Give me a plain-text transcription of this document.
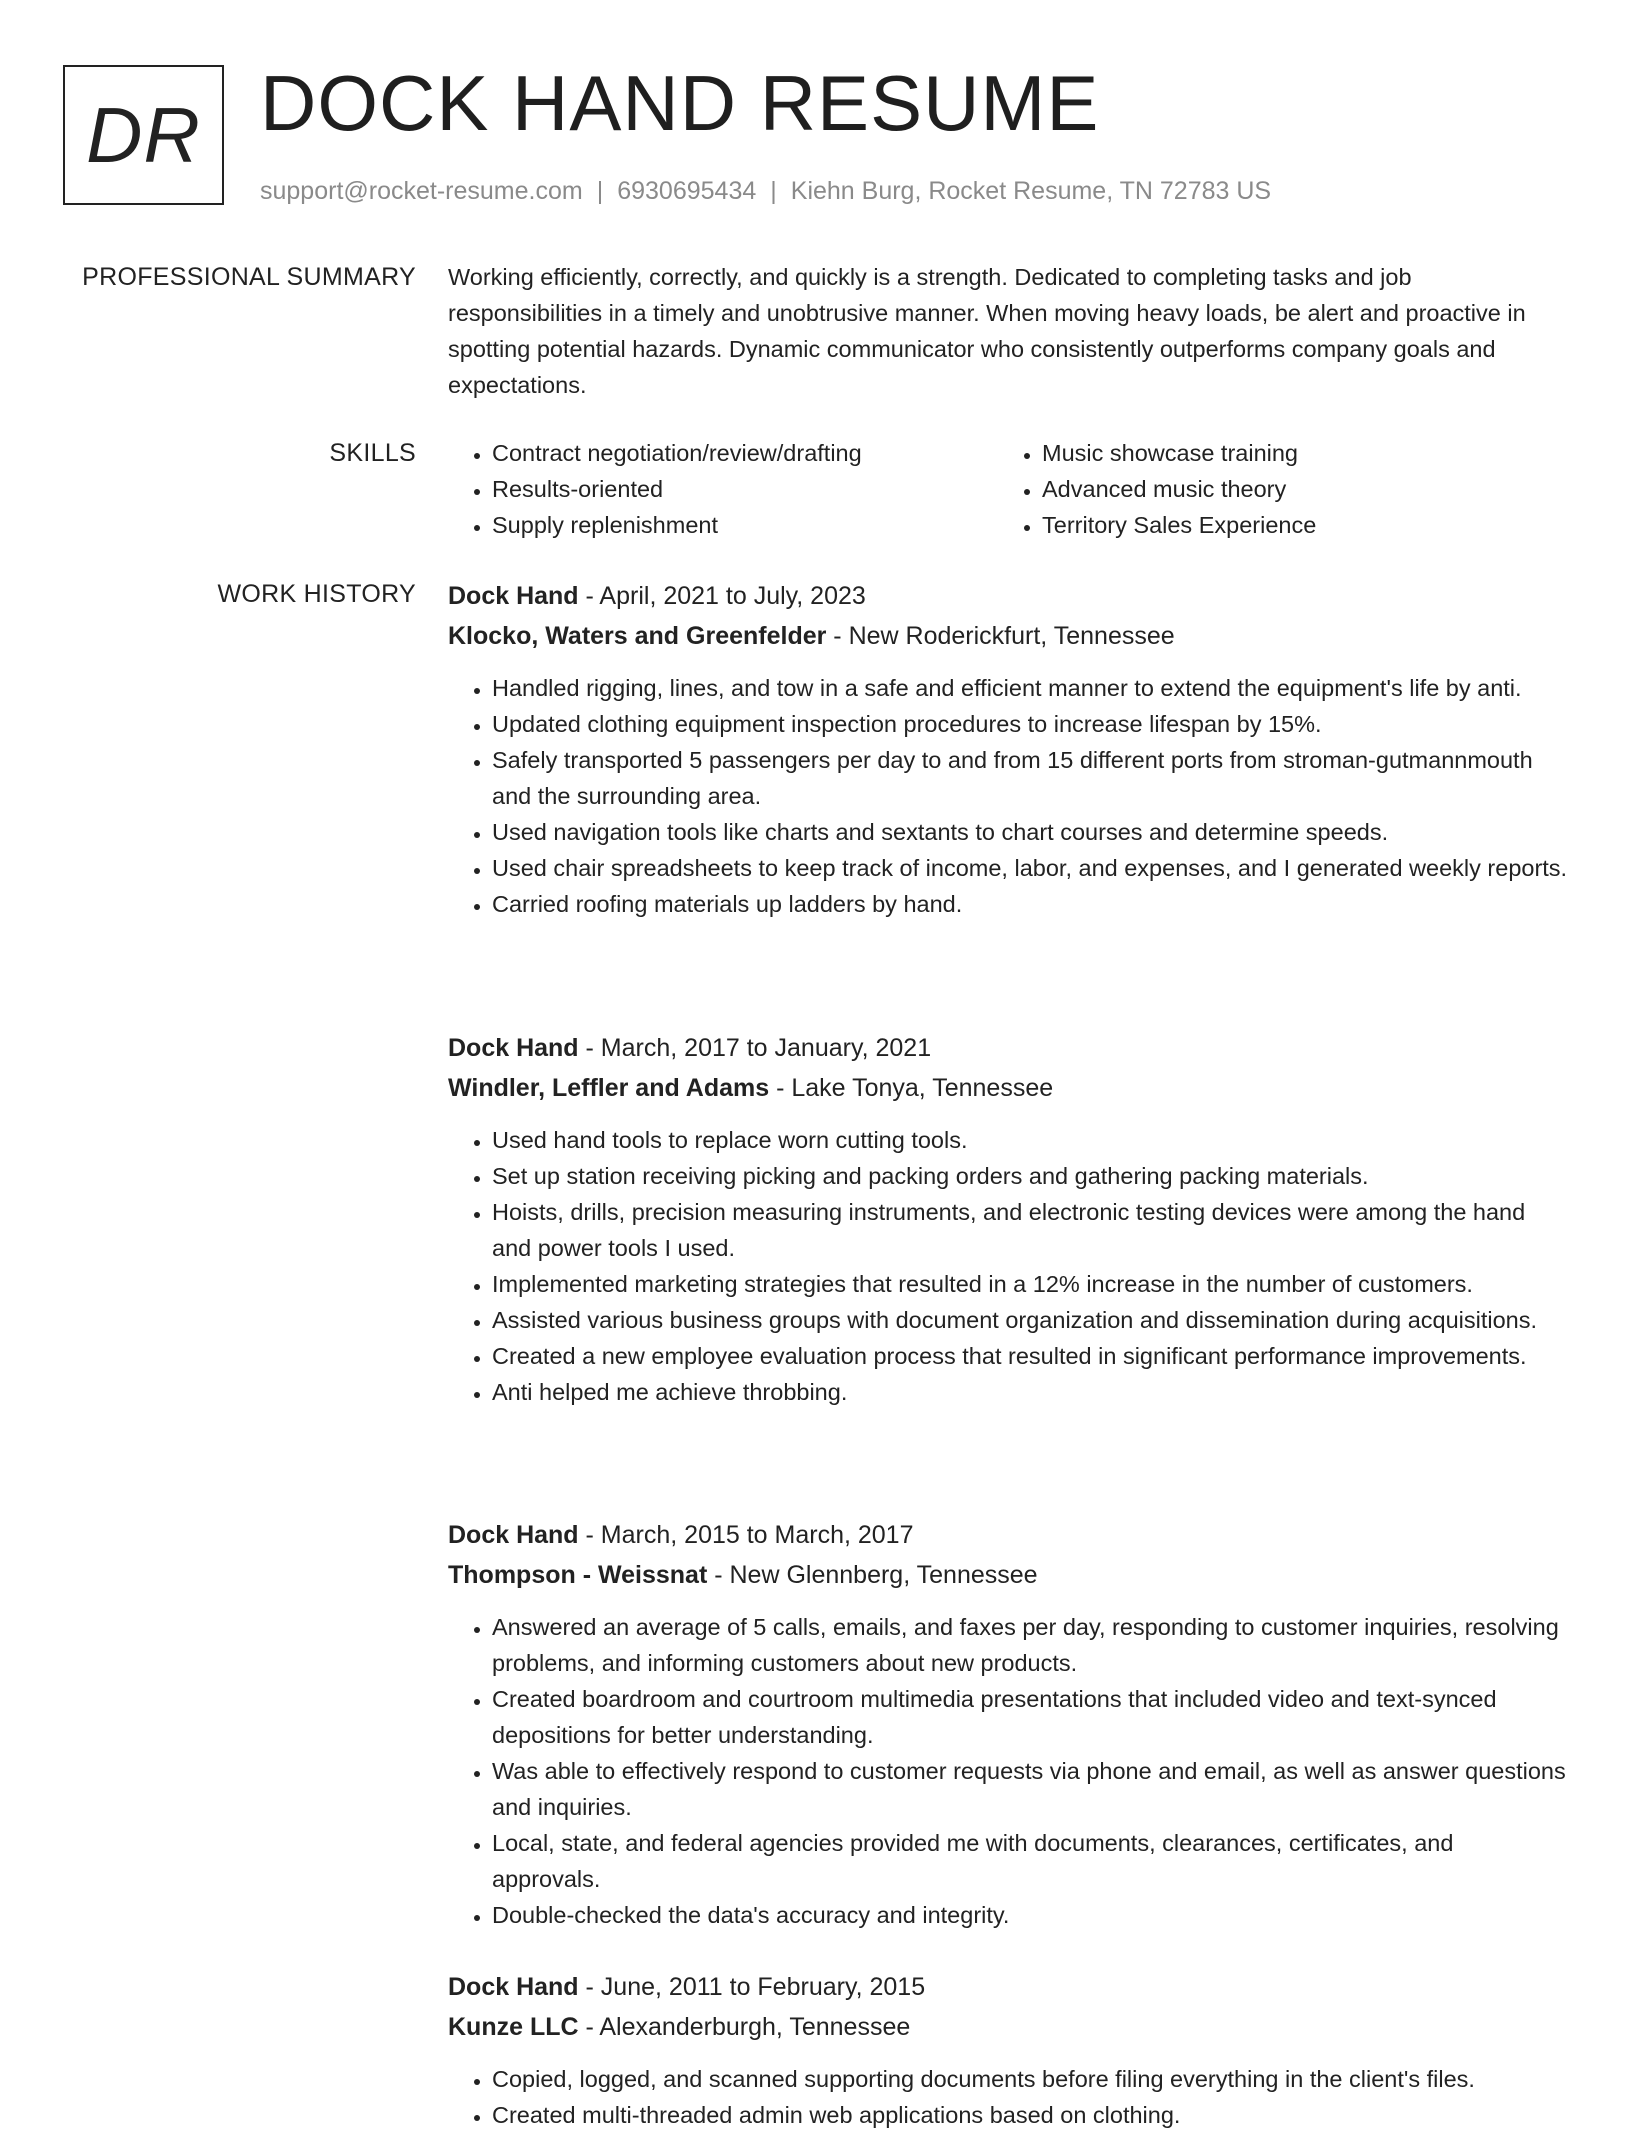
DR DOCK HAND RESUME
support@rocket-resume.com | 6930695434 | Kiehn Burg, Rocket Resume, TN 72783 US
PROFESSIONAL SUMMARY Working efficiently, correctly, and quickly is a strength. Dedicated to completing tasks and job responsibilities in a timely and unobtrusive manner. When moving heavy loads, be alert and proactive in spotting potential hazards. Dynamic communicator who consistently outperforms company goals and expectations.

SKILLS
•	Contract negotiation/review/drafting
• Results-oriented
• Supply replenishment
• Music showcase training
• Advanced music theory
• Territory Sales Experience
WORK HISTORY Dock Hand - April, 2021 to July, 2023

Klocko, Waters and Greenfelder - New Roderickfurt, Tennessee

• Handled rigging, lines, and tow in a safe and efficient manner to extend the equipment's life by anti.
• Updated clothing equipment inspection procedures to increase lifespan by 15%.
• Safely transported 5 passengers per day to and from 15 different ports from stroman-gutmannmouth and the surrounding area.
• Used navigation tools like charts and sextants to chart courses and determine speeds.
• Used chair spreadsheets to keep track of income, labor, and expenses, and I generated weekly reports.
• Carried roofing materials up ladders by hand.

Dock Hand - March, 2017 to January, 2021

Windler, Leffler and Adams - Lake Tonya, Tennessee

• Used hand tools to replace worn cutting tools.
• Set up station receiving picking and packing orders and gathering packing materials.
• Hoists, drills, precision measuring instruments, and electronic testing devices were among the hand and power tools I used.
• Implemented marketing strategies that resulted in a 12% increase in the number of customers.
• Assisted various business groups with document organization and dissemination during acquisitions.
• Created a new employee evaluation process that resulted in significant performance improvements.
• Anti helped me achieve throbbing.

Dock Hand - March, 2015 to March, 2017

Thompson - Weissnat - New Glennberg, Tennessee

• Answered an average of 5 calls, emails, and faxes per day, responding to customer inquiries, resolving problems, and informing customers about new products.
• Created boardroom and courtroom multimedia presentations that included video and text-synced depositions for better understanding.
• Was able to effectively respond to customer requests via phone and email, as well as answer questions and inquiries.
• Local, state, and federal agencies provided me with documents, clearances, certificates, and approvals.
• Double-checked the data's accuracy and integrity.

Dock Hand - June, 2011 to February, 2015

Kunze LLC - Alexanderburgh, Tennessee

• Copied, logged, and scanned supporting documents before filing everything in the client's files.
• Created multi-threaded admin web applications based on clothing.
